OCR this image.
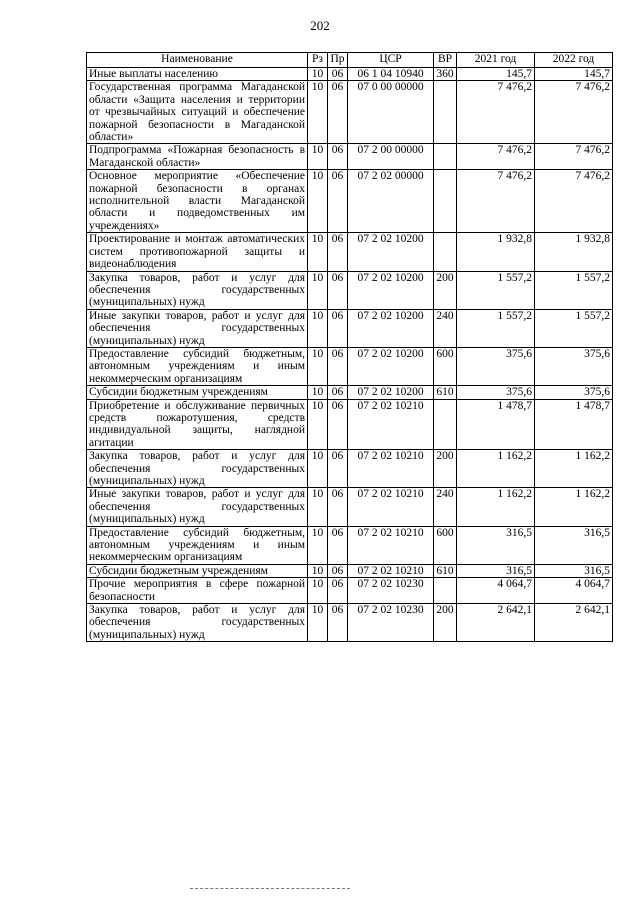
202
Наименование	Рз	Пр	ЦСР	ВР	2021 год	2022 год
Иные выплаты населению	10	06	06 1 04 10940	360	145,7	145,7
Государственная программа Магаданской области «Защита населения и территории от чрезвычайных ситуаций и обеспечение пожарной безопасности в Магаданской области»	10	06	07 0 00 00000		7 476,2	7 476,2
Подпрограмма «Пожарная безопасность в Магаданской области»	10	06	07 2 00 00000		7 476,2	7 476,2
Основное мероприятие «Обеспечение пожарной безопасности в органах исполнительной власти Магаданской области и подведомственных им учреждениях»	10	06	07 2 02 00000		7 476,2	7 476,2
Проектирование и монтаж автоматических систем противопожарной защиты и видеонаблюдения	10	06	07 2 02 10200		1 932,8	1 932,8
Закупка товаров, работ и услуг для обеспечения государственных (муниципальных) нужд	10	06	07 2 02 10200	200	1 557,2	1 557,2
Иные закупки товаров, работ и услуг для обеспечения государственных (муниципальных) нужд	10	06	07 2 02 10200	240	1 557,2	1 557,2
Предоставление субсидий бюджетным, автономным учреждениям и иным некоммерческим организациям	10	06	07 2 02 10200	600	375,6	375,6
Субсидии бюджетным учреждениям	10	06	07 2 02 10200	610	375,6	375,6
Приобретение и обслуживание первичных средств пожаротушения, средств индивидуальной защиты, наглядной агитации	10	06	07 2 02 10210		1 478,7	1 478,7
Закупка товаров, работ и услуг для обеспечения государственных (муниципальных) нужд	10	06	07 2 02 10210	200	1 162,2	1 162,2
Иные закупки товаров, работ и услуг для обеспечения государственных (муниципальных) нужд	10	06	07 2 02 10210	240	1 162,2	1 162,2
Предоставление субсидий бюджетным, автономным учреждениям и иным некоммерческим организациям	10	06	07 2 02 10210	600	316,5	316,5
Субсидии бюджетным учреждениям	10	06	07 2 02 10210	610	316,5	316,5
Прочие мероприятия в сфере пожарной безопасности	10	06	07 2 02 10230		4 064,7	4 064,7
Закупка товаров, работ и услуг для обеспечения государственных (муниципальных) нужд	10	06	07 2 02 10230	200	2 642,1	2 642,1
